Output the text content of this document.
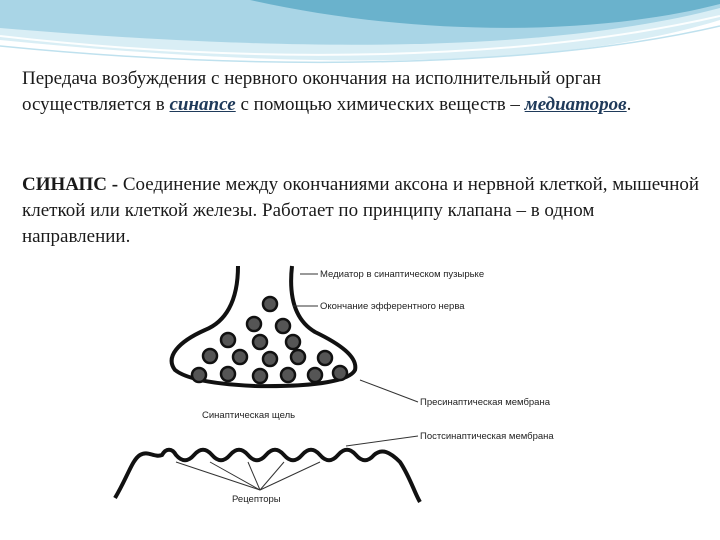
Передача возбуждения с нервного окончания на исполнительный орган осуществляется в синапсе с помощью химических веществ – медиаторов.

СИНАПС - Соединение между окончаниями аксона и нервной клеткой, мышечной клеткой или клеткой железы. Работает по принципу клапана – в одном направлении.

Медиатор в синаптическом пузырьке
Окончание эфферентного нерва
Пресинаптическая мембрана
Синаптическая щель
Постсинаптическая мембрана
Рецепторы
